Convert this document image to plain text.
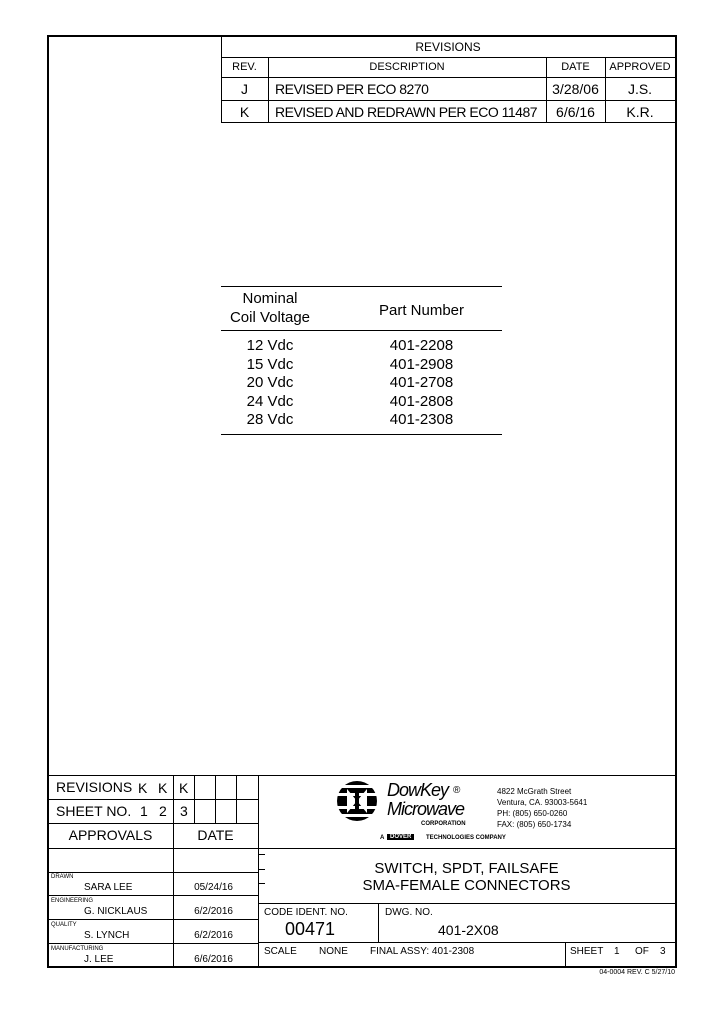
REVISIONS
REV.	DESCRIPTION	DATE	APPROVED
J	REVISED PER ECO 8270	3/28/06	J.S.
K	REVISED AND REDRAWN PER ECO 11487	6/6/16	K.R.
Nominal
Coil Voltage	Part Number
12 Vdc	401-2208
15 Vdc	401-2908
20 Vdc	401-2708
24 Vdc	401-2808
28 Vdc	401-2308
REVISIONS K K K
SHEET NO. 1 2 3
APPROVALS	DATE
DRAWN
SARA LEE	05/24/16
ENGINEERING
G. NICKLAUS	6/2/2016
QUALITY
S. LYNCH	6/2/2016
MANUFACTURING
J. LEE	6/6/2016
DowKey ®
Microwave
CORPORATION
A DOVER	TECHNOLOGIES COMPANY
4822 McGrath Street
Ventura, CA. 93003-5641
PH: (805) 650-0260
FAX: (805) 650-1734
SWITCH, SPDT, FAILSAFE
SMA-FEMALE CONNECTORS
CODE IDENT. NO.
00471
DWG. NO.
401-2X08
SCALE NONE FINAL ASSY: 401-2308	SHEET 1 OF 3
04-0004 REV. C 5/27/10
